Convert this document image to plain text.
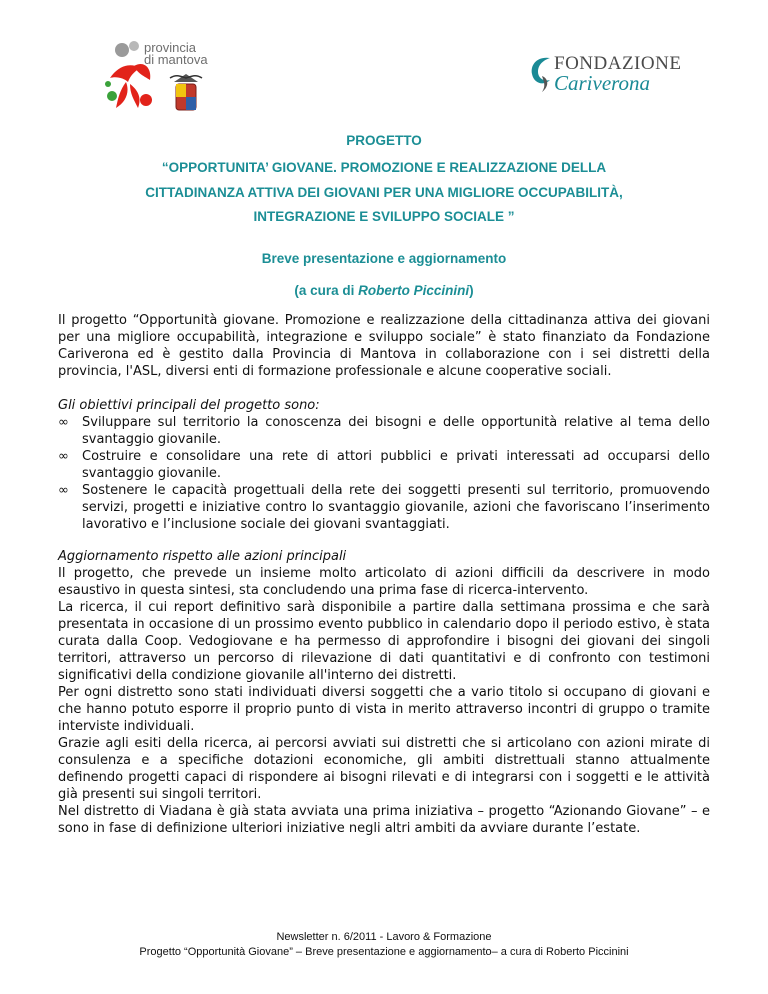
provincia
di mantova	FONDAZIONE
Cariverona

PROGETTO

“OPPORTUNITA’ GIOVANE. PROMOZIONE E REALIZZAZIONE DELLA

CITTADINANZA ATTIVA DEI GIOVANI PER UNA MIGLIORE OCCUPABILITÀ,

INTEGRAZIONE E SVILUPPO SOCIALE ”

Breve presentazione e aggiornamento

(a cura di Roberto Piccinini)

Il progetto “Opportunità giovane. Promozione e realizzazione della cittadinanza attiva dei giovani per una migliore occupabilità, integrazione e sviluppo sociale” è stato finanziato da Fondazione Cariverona ed è gestito dalla Provincia di Mantova in collaborazione con i sei distretti della provincia, l'ASL, diversi enti di formazione professionale e alcune cooperative sociali.

Gli obiettivi principali del progetto sono:

∞	Sviluppare sul territorio la conoscenza dei bisogni e delle opportunità relative al tema dello svantaggio giovanile.
∞	Costruire e consolidare una rete di attori pubblici e privati interessati ad occuparsi dello svantaggio giovanile.
∞	Sostenere le capacità progettuali della rete dei soggetti presenti sul territorio, promuovendo servizi, progetti e iniziative contro lo svantaggio giovanile, azioni che favoriscano l’inserimento lavorativo e l’inclusione sociale dei giovani svantaggiati.
Aggiornamento rispetto alle azioni principali
Il progetto, che prevede un insieme molto articolato di azioni difficili da descrivere in modo esaustivo in questa sintesi, sta concludendo una prima fase di ricerca-intervento.
La ricerca, il cui report definitivo sarà disponibile a partire dalla settimana prossima e che sarà presentata in occasione di un prossimo evento pubblico in calendario dopo il periodo estivo, è stata curata dalla Coop. Vedogiovane e ha permesso di approfondire i bisogni dei giovani dei singoli territori, attraverso un percorso di rilevazione di dati quantitativi e di confronto con testimoni significativi della condizione giovanile all'interno dei distretti.
Per ogni distretto sono stati individuati diversi soggetti che a vario titolo si occupano di giovani e che hanno potuto esporre il proprio punto di vista in merito attraverso incontri di gruppo o tramite interviste individuali.
Grazie agli esiti della ricerca, ai percorsi avviati sui distretti che si articolano con azioni mirate di consulenza e a specifiche dotazioni economiche, gli ambiti distrettuali stanno attualmente definendo progetti capaci di rispondere ai bisogni rilevati e di integrarsi con i soggetti e le attività già presenti sui singoli territori.
Nel distretto di Viadana è già stata avviata una prima iniziativa – progetto “Azionando Giovane” – e sono in fase di definizione ulteriori iniziative negli altri ambiti da avviare durante l’estate.

Newsletter n. 6/2011 - Lavoro & Formazione

Progetto “Opportunità Giovane” – Breve presentazione e aggiornamento– a cura di Roberto Piccinini
